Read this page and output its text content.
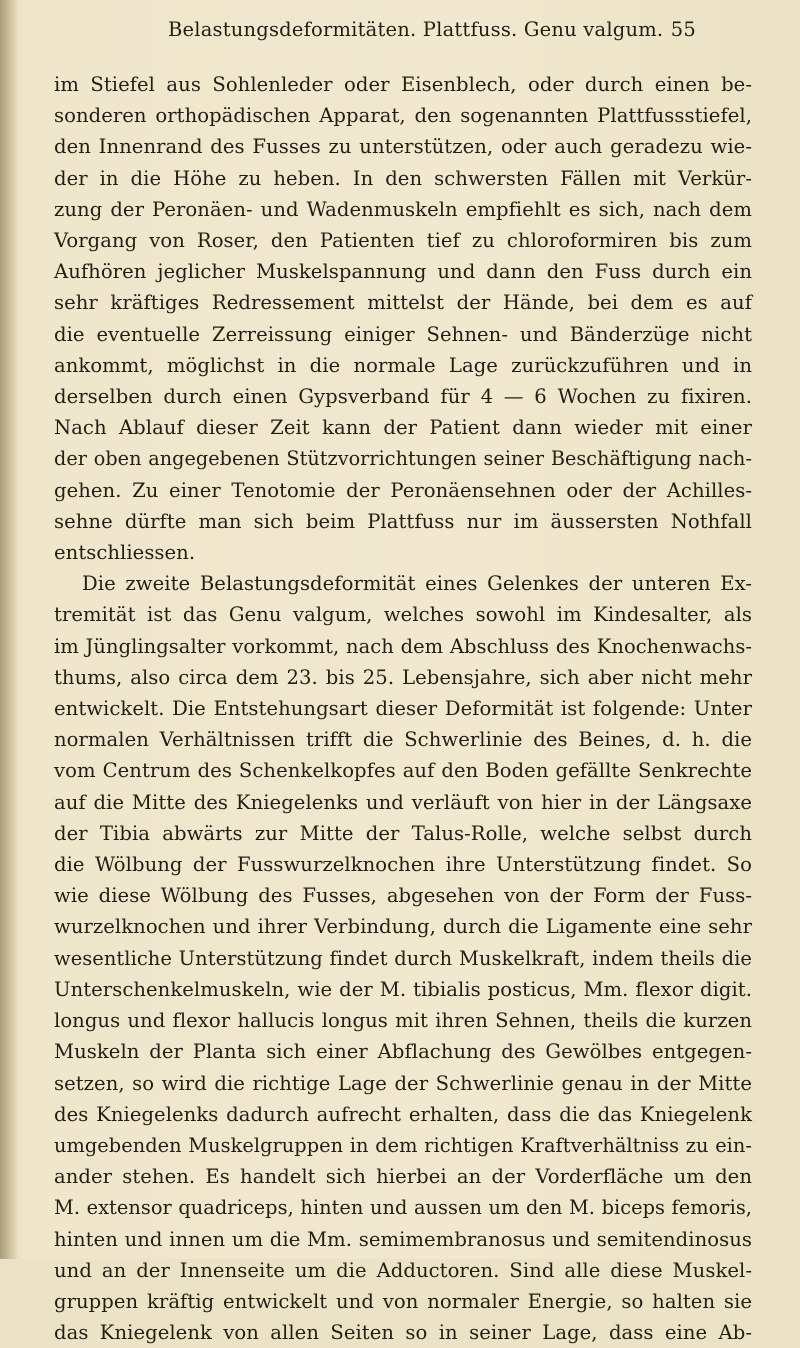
Belastungsdeformitäten. Plattfuss. Genu valgum. 55

im Stiefel aus Sohlenleder oder Eisenblech, oder durch einen be-

sonderen orthopädischen Apparat, den sogenannten Plattfussstiefel,

den Innenrand des Fusses zu unterstützen, oder auch geradezu wie-

der in die Höhe zu heben. In den schwersten Fällen mit Verkür-

zung der Peronäen- und Wadenmuskeln empfiehlt es sich, nach dem

Vorgang von Roser, den Patienten tief zu chloroformiren bis zum

Aufhören jeglicher Muskelspannung und dann den Fuss durch ein

sehr kräftiges Redressement mittelst der Hände, bei dem es auf

die eventuelle Zerreissung einiger Sehnen- und Bänderzüge nicht

ankommt, möglichst in die normale Lage zurückzuführen und in

derselben durch einen Gypsverband für 4 — 6 Wochen zu fixiren.

Nach Ablauf dieser Zeit kann der Patient dann wieder mit einer

der oben angegebenen Stützvorrichtungen seiner Beschäftigung nach-

gehen. Zu einer Tenotomie der Peronäensehnen oder der Achilles-

sehne dürfte man sich beim Plattfuss nur im äussersten Nothfall

entschliessen.

Die zweite Belastungsdeformität eines Gelenkes der unteren Ex-

tremität ist das Genu valgum, welches sowohl im Kindesalter, als

im Jünglingsalter vorkommt, nach dem Abschluss des Knochenwachs-

thums, also circa dem 23. bis 25. Lebensjahre, sich aber nicht mehr

entwickelt. Die Entstehungsart dieser Deformität ist folgende: Unter

normalen Verhältnissen trifft die Schwerlinie des Beines, d. h. die

vom Centrum des Schenkelkopfes auf den Boden gefällte Senkrechte

auf die Mitte des Kniegelenks und verläuft von hier in der Längsaxe

der Tibia abwärts zur Mitte der Talus-Rolle, welche selbst durch

die Wölbung der Fusswurzelknochen ihre Unterstützung findet. So

wie diese Wölbung des Fusses, abgesehen von der Form der Fuss-

wurzelknochen und ihrer Verbindung, durch die Ligamente eine sehr

wesentliche Unterstützung findet durch Muskelkraft, indem theils die

Unterschenkelmuskeln, wie der M. tibialis posticus, Mm. flexor digit.

longus und flexor hallucis longus mit ihren Sehnen, theils die kurzen

Muskeln der Planta sich einer Abflachung des Gewölbes entgegen-

setzen, so wird die richtige Lage der Schwerlinie genau in der Mitte

des Kniegelenks dadurch aufrecht erhalten, dass die das Kniegelenk

umgebenden Muskelgruppen in dem richtigen Kraftverhältniss zu ein-

ander stehen. Es handelt sich hierbei an der Vorderfläche um den

M. extensor quadriceps, hinten und aussen um den M. biceps femoris,

hinten und innen um die Mm. semimembranosus und semitendinosus

und an der Innenseite um die Adductoren. Sind alle diese Muskel-

gruppen kräftig entwickelt und von normaler Energie, so halten sie

das Kniegelenk von allen Seiten so in seiner Lage, dass eine Ab-
